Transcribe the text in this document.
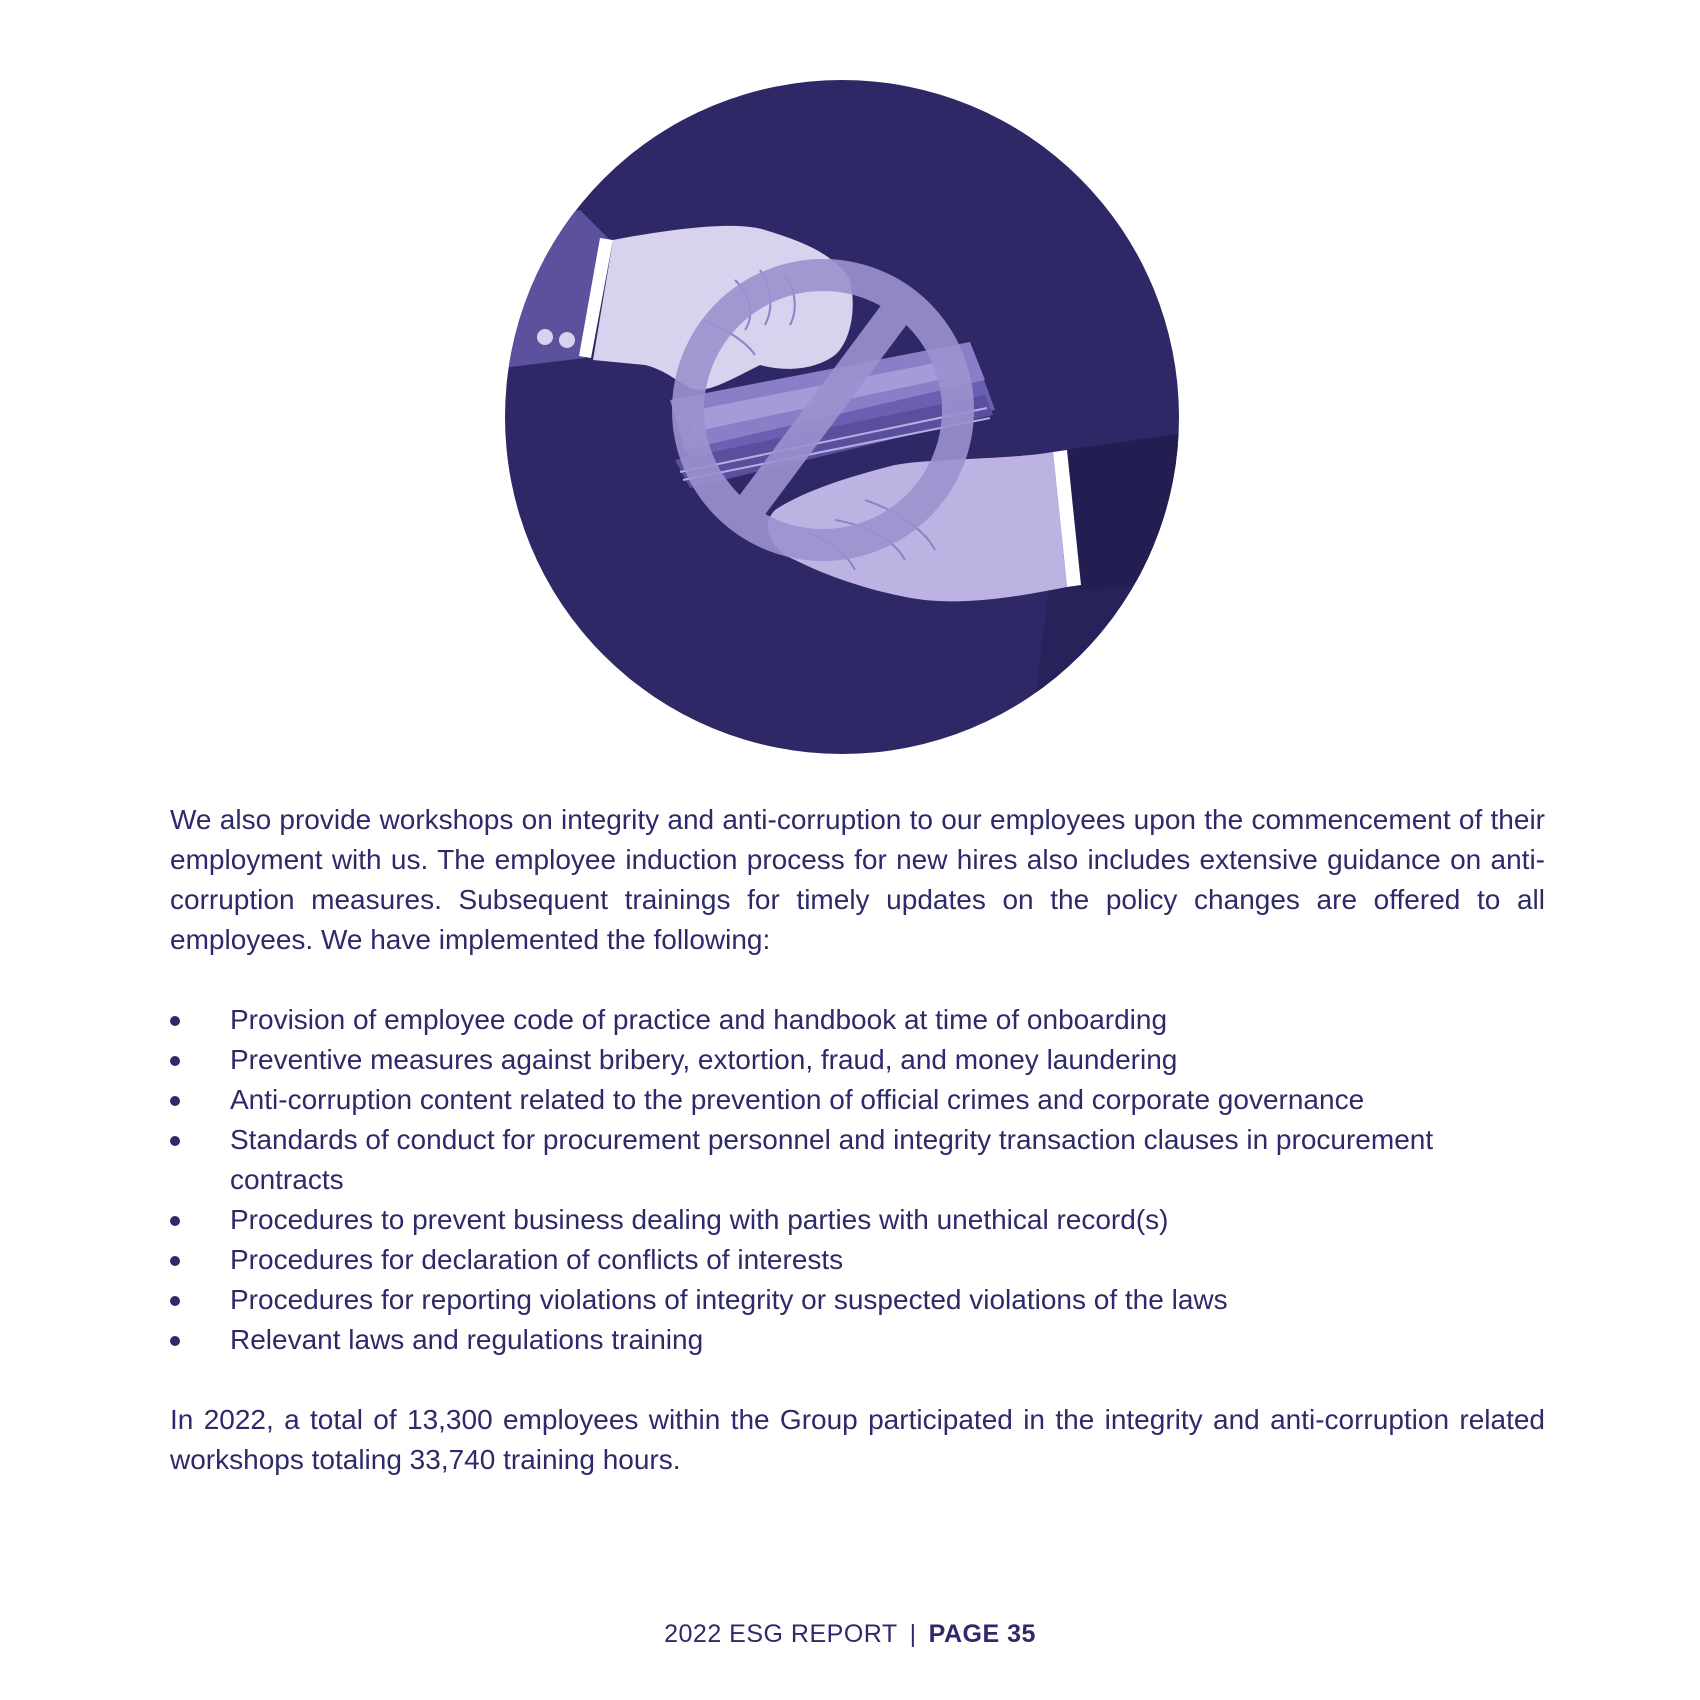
We also provide workshops on integrity and anti-corruption to our employees upon the commencement of their employment with us. The employee induction process for new hires also includes extensive guidance on anti-corruption measures. Subsequent trainings for timely updates on the policy changes are offered to all employees. We have implemented the following:

Provision of employee code of practice and handbook at time of onboarding
Preventive measures against bribery, extortion, fraud, and money laundering
Anti-corruption content related to the prevention of official crimes and corporate governance
Standards of conduct for procurement personnel and integrity transaction clauses in procurement contracts
Procedures to prevent business dealing with parties with unethical record(s)
Procedures for declaration of conflicts of interests
Procedures for reporting violations of integrity or suspected violations of the laws
Relevant laws and regulations training

In 2022, a total of 13,300 employees within the Group participated in the integrity and anti-corruption related workshops totaling 33,740 training hours.

2022 ESG REPORT | PAGE 35
